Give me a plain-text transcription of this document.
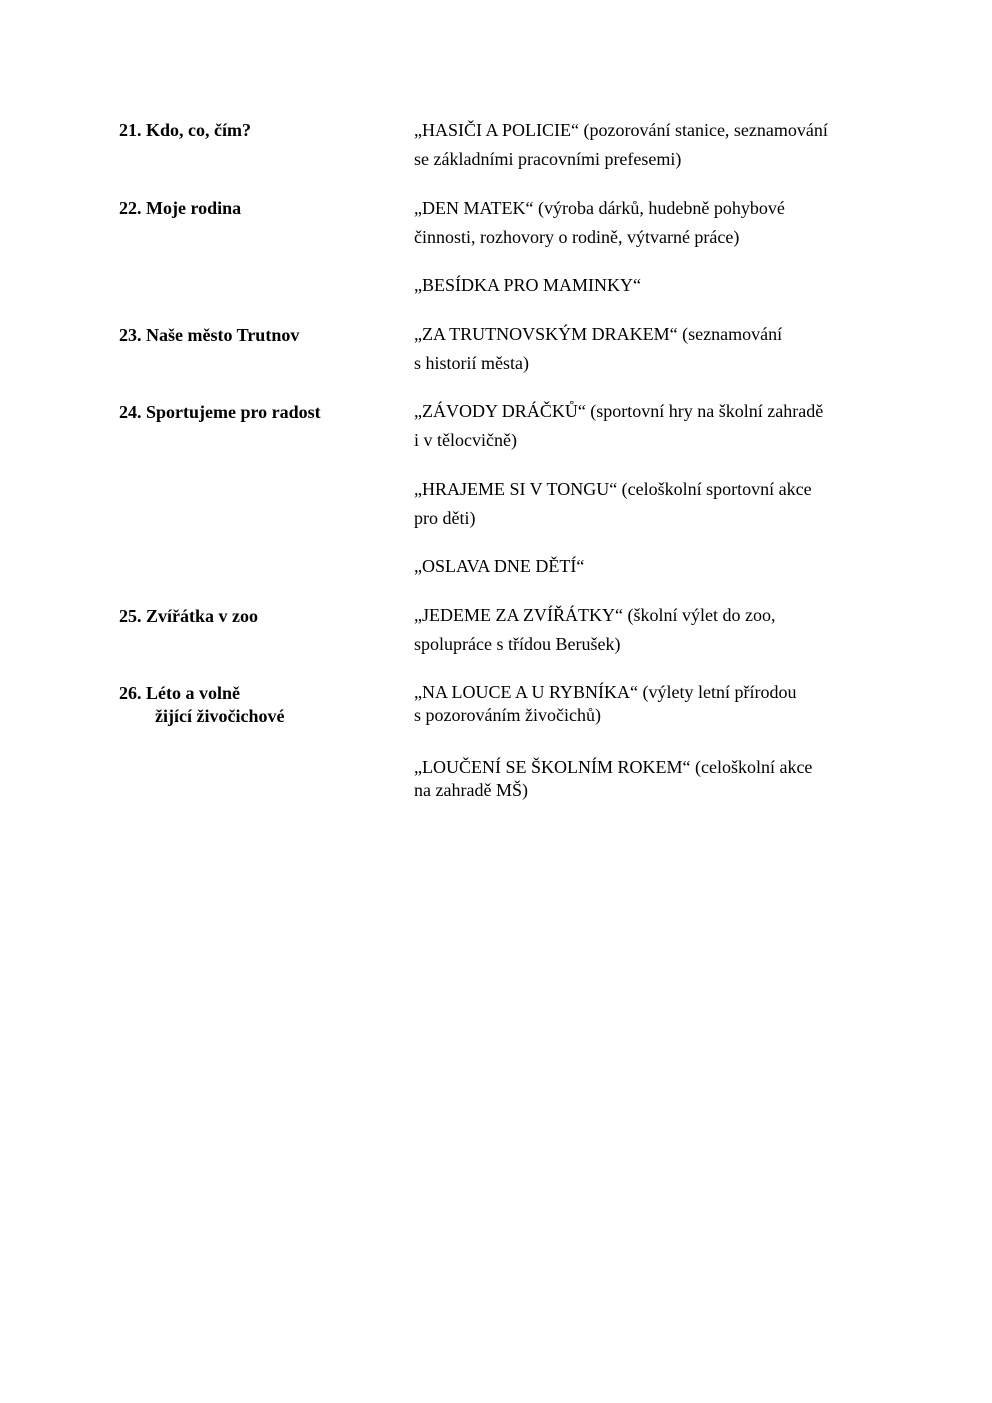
21. Kdo, co, čím?
22. Moje rodina
23. Naše město Trutnov
24. Sportujeme pro radost
25. Zvířátka v zoo
26. Léto a volně
žijící živočichové
„HASIČI A POLICIE“ (pozorování stanice, seznamování
se základními pracovními prefesemi)
„DEN MATEK“ (výroba dárků, hudebně pohybové
činnosti, rozhovory o rodině, výtvarné práce)
„BESÍDKA PRO MAMINKY“
„ZA TRUTNOVSKÝM DRAKEM“ (seznamování
s historií města)
„ZÁVODY DRÁČKŮ“ (sportovní hry na školní zahradě
i v tělocvičně)
„HRAJEME SI V TONGU“ (celoškolní sportovní akce
pro děti)
„OSLAVA DNE DĚTÍ“
„JEDEME ZA ZVÍŘÁTKY“ (školní výlet do zoo,
spolupráce s třídou Berušek)
„NA LOUCE A U RYBNÍKA“ (výlety letní přírodou
s pozorováním živočichů)
„LOUČENÍ SE ŠKOLNÍM ROKEM“ (celoškolní akce
na zahradě MŠ)
